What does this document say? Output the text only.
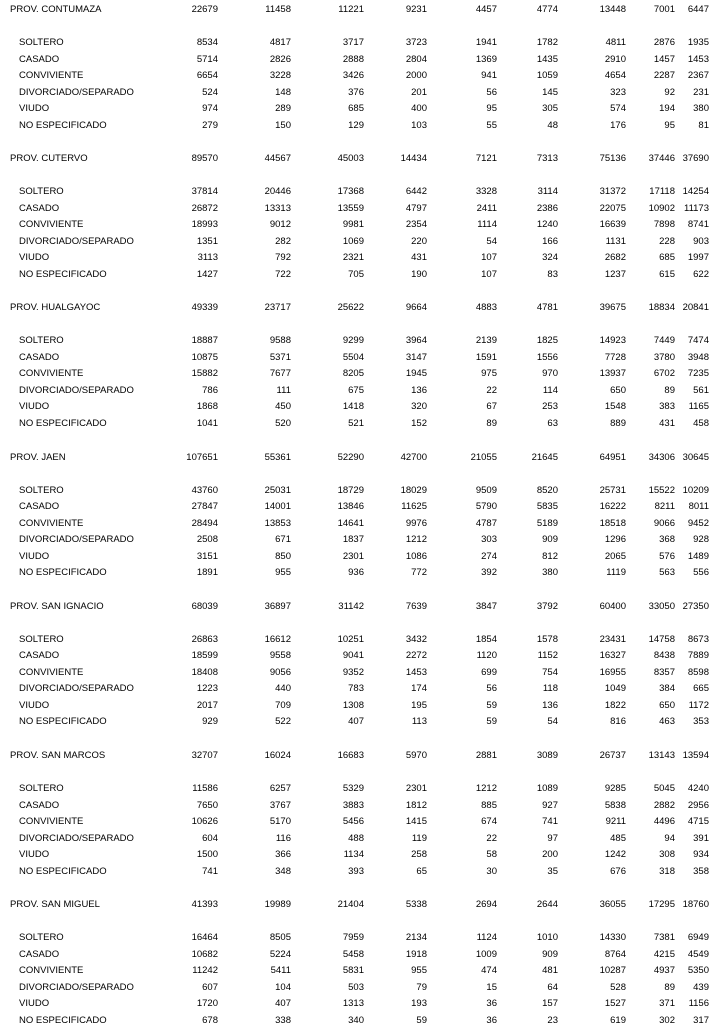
PROV. CONTUMAZA	22679	11458	11221	9231	4457	4774	13448	7001	6447
SOLTERO	8534	4817	3717	3723	1941	1782	4811	2876	1935
CASADO	5714	2826	2888	2804	1369	1435	2910	1457	1453
CONVIVIENTE	6654	3228	3426	2000	941	1059	4654	2287	2367
DIVORCIADO/SEPARADO	524	148	376	201	56	145	323	92	231
VIUDO	974	289	685	400	95	305	574	194	380
NO ESPECIFICADO	279	150	129	103	55	48	176	95	81
PROV. CUTERVO	89570	44567	45003	14434	7121	7313	75136	37446 37690
SOLTERO	37814	20446	17368	6442	3328	3114	31372	17118 14254
CASADO	26872	13313	13559	4797	2411	2386	22075	10902 11173
CONVIVIENTE	18993	9012	9981	2354	1114	1240	16639	7898	8741
DIVORCIADO/SEPARADO	1351	282	1069	220	54	166	1131	228	903
VIUDO	3113	792	2321	431	107	324	2682	685	1997
NO ESPECIFICADO	1427	722	705	190	107	83	1237	615	622
PROV. HUALGAYOC	49339	23717	25622	9664	4883	4781	39675	18834 20841
SOLTERO	18887	9588	9299	3964	2139	1825	14923	7449	7474
CASADO	10875	5371	5504	3147	1591	1556	7728	3780	3948
CONVIVIENTE	15882	7677	8205	1945	975	970	13937	6702	7235
DIVORCIADO/SEPARADO	786	111	675	136	22	114	650	89	561
VIUDO	1868	450	1418	320	67	253	1548	383	1165
NO ESPECIFICADO	1041	520	521	152	89	63	889	431	458
PROV. JAEN	107651	55361	52290	42700	21055	21645	64951	34306 30645
SOLTERO	43760	25031	18729	18029	9509	8520	25731	15522 10209
CASADO	27847	14001	13846	11625	5790	5835	16222	8211	8011
CONVIVIENTE	28494	13853	14641	9976	4787	5189	18518	9066	9452
DIVORCIADO/SEPARADO	2508	671	1837	1212	303	909	1296	368	928
VIUDO	3151	850	2301	1086	274	812	2065	576	1489
NO ESPECIFICADO	1891	955	936	772	392	380	1119	563	556
PROV. SAN IGNACIO	68039	36897	31142	7639	3847	3792	60400	33050 27350
SOLTERO	26863	16612	10251	3432	1854	1578	23431	14758	8673
CASADO	18599	9558	9041	2272	1120	1152	16327	8438	7889
CONVIVIENTE	18408	9056	9352	1453	699	754	16955	8357	8598
DIVORCIADO/SEPARADO	1223	440	783	174	56	118	1049	384	665
VIUDO	2017	709	1308	195	59	136	1822	650	1172
NO ESPECIFICADO	929	522	407	113	59	54	816	463	353
PROV. SAN MARCOS	32707	16024	16683	5970	2881	3089	26737	13143 13594
SOLTERO	11586	6257	5329	2301	1212	1089	9285	5045	4240
CASADO	7650	3767	3883	1812	885	927	5838	2882	2956
CONVIVIENTE	10626	5170	5456	1415	674	741	9211	4496	4715
DIVORCIADO/SEPARADO	604	116	488	119	22	97	485	94	391
VIUDO	1500	366	1134	258	58	200	1242	308	934
NO ESPECIFICADO	741	348	393	65	30	35	676	318	358
PROV. SAN MIGUEL	41393	19989	21404	5338	2694	2644	36055	17295 18760
SOLTERO	16464	8505	7959	2134	1124	1010	14330	7381	6949
CASADO	10682	5224	5458	1918	1009	909	8764	4215	4549
CONVIVIENTE	11242	5411	5831	955	474	481	10287	4937	5350
DIVORCIADO/SEPARADO	607	104	503	79	15	64	528	89	439
VIUDO	1720	407	1313	193	36	157	1527	371	1156
NO ESPECIFICADO	678	338	340	59	36	23	619	302	317
